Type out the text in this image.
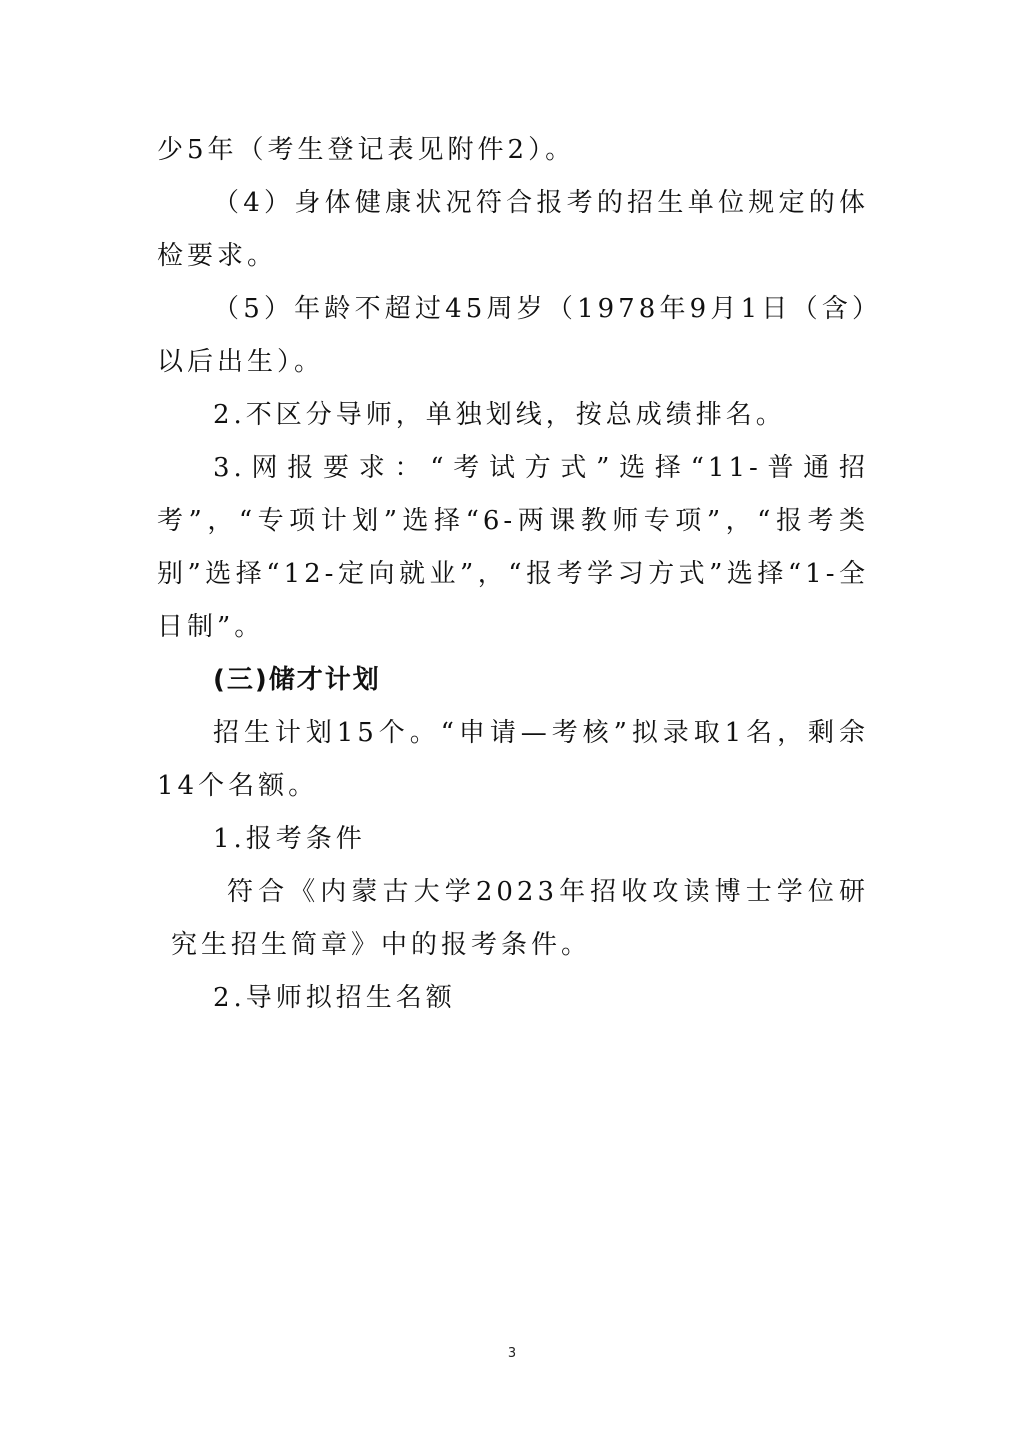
少5年（考生登记表见附件2）。

（4）身体健康状况符合报考的招生单位规定的体检要求。

（5）年龄不超过45周岁（1978年9月1日（含）以后出生）。

2.不区分导师，单独划线，按总成绩排名。

3.网报要求：“考试方式”选择“11-普通招考”，“专项计划”选择“6-两课教师专项”，“报考类别”选择“12-定向就业”，“报考学习方式”选择“1-全日制”。

(三)储才计划

招生计划15个。“申请—考核”拟录取1名，剩余14个名额。

1.报考条件

符合《内蒙古大学2023年招收攻读博士学位研究生招生简章》中的报考条件。

2.导师拟招生名额

3
